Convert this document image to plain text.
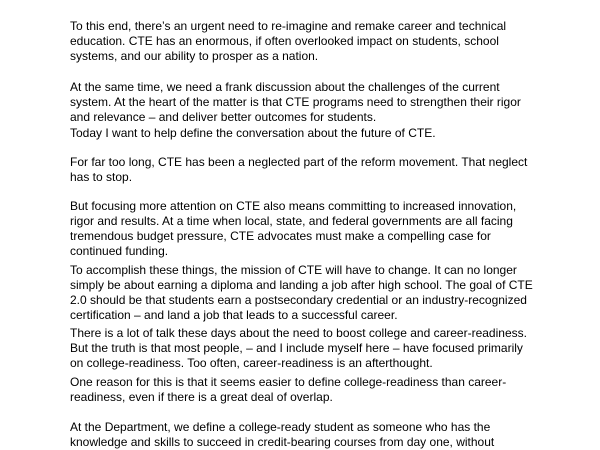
To this end, there’s an urgent need to re-imagine and remake career and technical
education. CTE has an enormous, if often overlooked impact on students, school
systems, and our ability to prosper as a nation.

At the same time, we need a frank discussion about the challenges of the current
system. At the heart of the matter is that CTE programs need to strengthen their rigor
and relevance – and deliver better outcomes for students.

Today I want to help define the conversation about the future of CTE.

For far too long, CTE has been a neglected part of the reform movement. That neglect
has to stop.

But focusing more attention on CTE also means committing to increased innovation,
rigor and results. At a time when local, state, and federal governments are all facing
tremendous budget pressure, CTE advocates must make a compelling case for
continued funding.

To accomplish these things, the mission of CTE will have to change. It can no longer
simply be about earning a diploma and landing a job after high school. The goal of CTE
2.0 should be that students earn a postsecondary credential or an industry-recognized
certification – and land a job that leads to a successful career.

There is a lot of talk these days about the need to boost college and career-readiness.
But the truth is that most people, – and I include myself here – have focused primarily
on college-readiness. Too often, career-readiness is an afterthought.

One reason for this is that it seems easier to define college-readiness than career-
readiness, even if there is a great deal of overlap.

At the Department, we define a college-ready student as someone who has the
knowledge and skills to succeed in credit-bearing courses from day one, without
